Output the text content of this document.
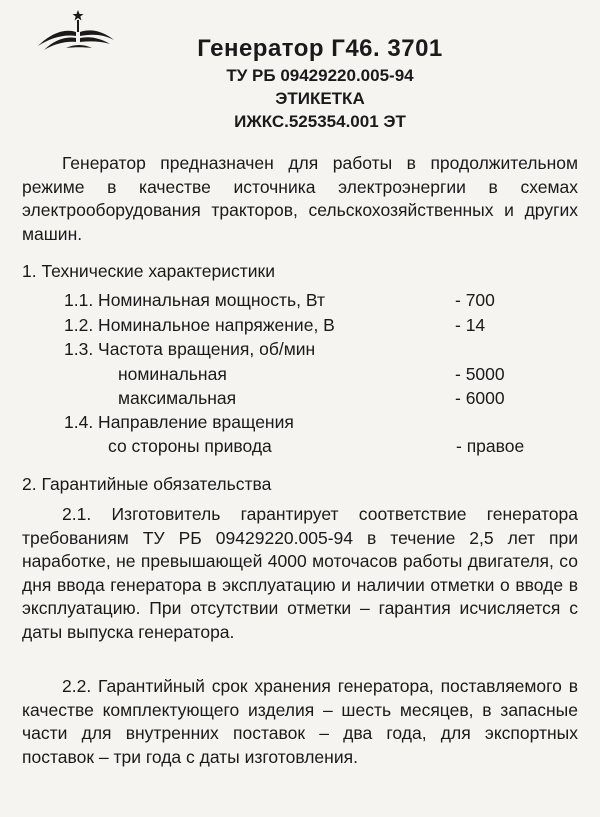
Генератор Г46. 3701
ТУ РБ 09429220.005-94
ЭТИКЕТКА
ИЖКС.525354.001 ЭТ
Генератор предназначен для работы в продолжительном режиме в качестве источника электроэнергии в схемах электрооборудования тракторов, сельскохозяйственных и других машин.
1. Технические характеристики
1.1. Номинальная мощность, Вт	- 700
1.2. Номинальное напряжение, В	- 14
1.3. Частота вращения, об/мин
номинальная	- 5000
максимальная	- 6000
1.4. Направление вращения
со стороны привода	- правое
2. Гарантийные обязательства
2.1. Изготовитель гарантирует соответствие генератора требованиям ТУ РБ 09429220.005-94 в течение 2,5 лет при наработке, не превышающей 4000 моточасов работы двигателя, со дня ввода генератора в эксплуатацию и наличии отметки о вводе в эксплуатацию. При отсутствии отметки – гарантия исчисляется с даты выпуска генератора.
2.2. Гарантийный срок хранения генератора, поставляемого в качестве комплектующего изделия – шесть месяцев, в запасные части для внутренних поставок – два года, для экспортных поставок – три года с даты изготовления.
